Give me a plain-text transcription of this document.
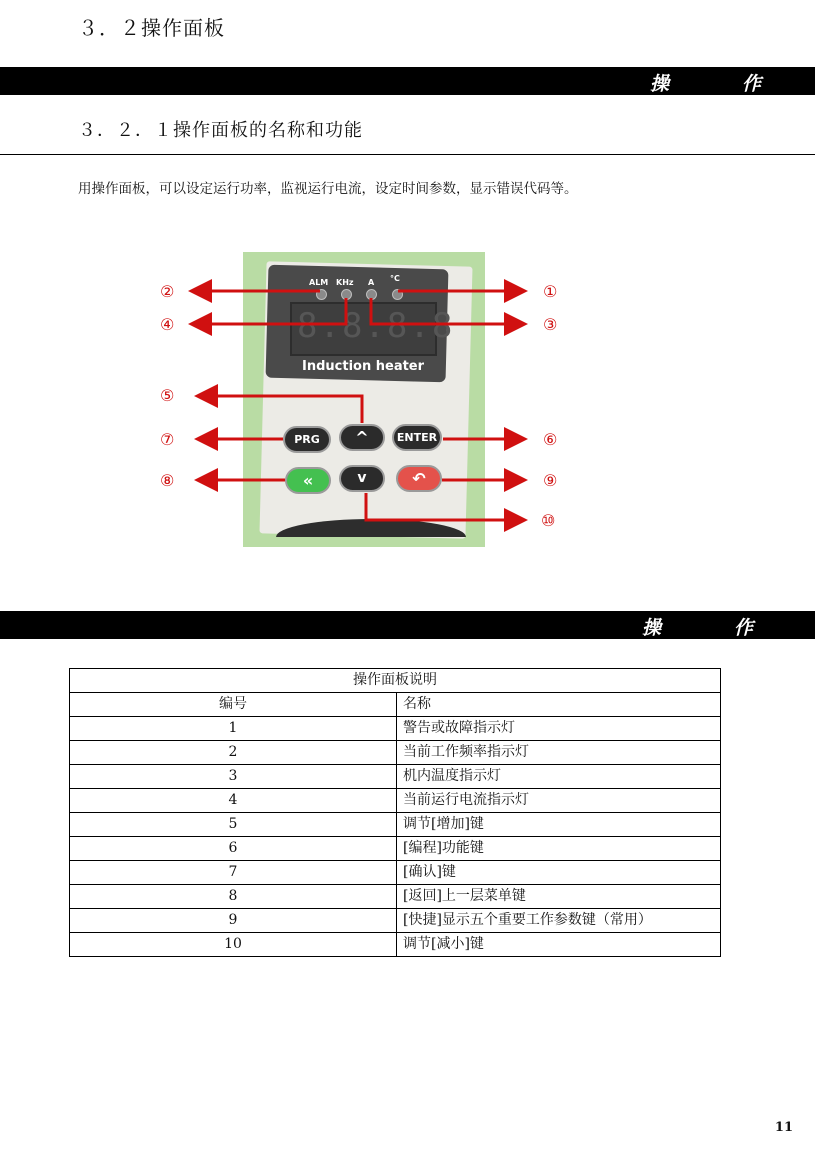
３．２操作面板
操	作
３．２．１操作面板的名称和功能
用操作面板，可以设定运行功率，监视运行电流，设定时间参数，显示错误代码等。
ALM KHz A °C
8.8.8.8
Induction heater
PRG	^	ENTER
«	v	↶
①
②
③
④
⑤
⑥
⑦
⑧	⑨
⑩
操	作
操作面板说明	
编号	名称
1	警告或故障指示灯
2	当前工作频率指示灯
3	机内温度指示灯
4	当前运行电流指示灯
5	调节[增加]键
6	[编程]功能键
7	[确认]键
8	[返回]上一层菜单键
9	[快捷]显示五个重要工作参数键（常用）
10	调节[减小]键
11
